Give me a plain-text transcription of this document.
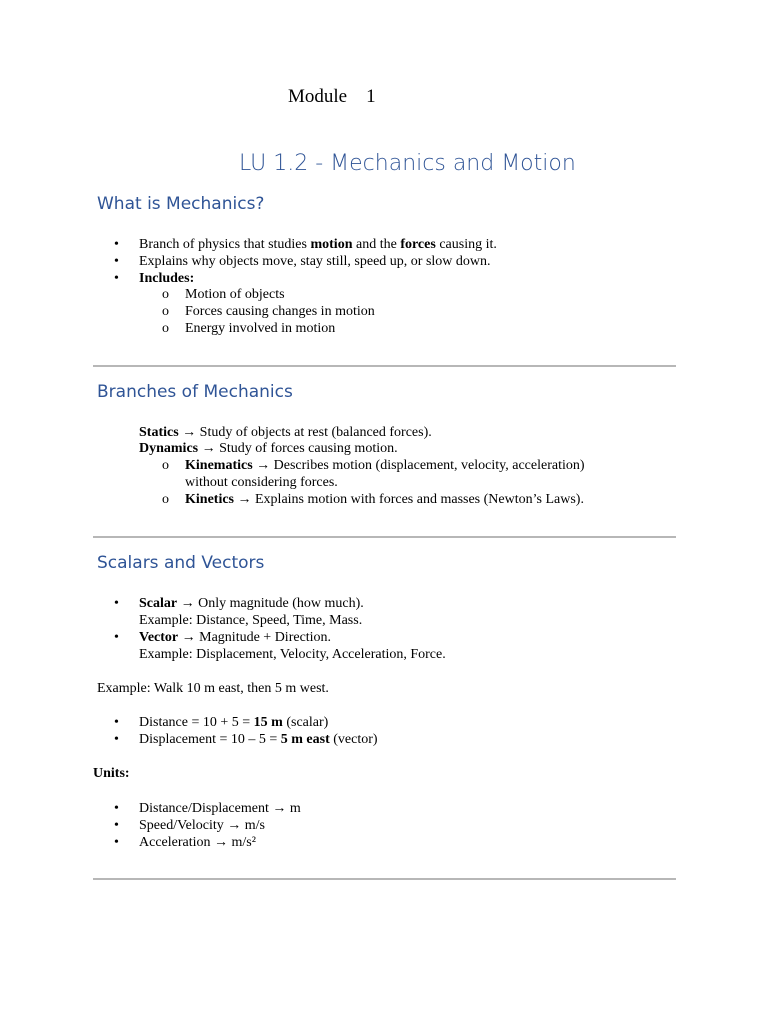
Module    1
LU 1.2 - Mechanics and Motion
What is Mechanics?
• Branch of physics that studies motion and the forces causing it.
• Explains why objects move, stay still, speed up, or slow down.
• Includes:
o Motion of objects
o Forces causing changes in motion
o Energy involved in motion
Branches of Mechanics
Statics → Study of objects at rest (balanced forces).
Dynamics → Study of forces causing motion.
o Kinematics → Describes motion (displacement, velocity, acceleration)
without considering forces.
o Kinetics → Explains motion with forces and masses (Newton’s Laws).
Scalars and Vectors
• Scalar → Only magnitude (how much).
Example: Distance, Speed, Time, Mass.
• Vector → Magnitude + Direction.
Example: Displacement, Velocity, Acceleration, Force.
Example: Walk 10 m east, then 5 m west.
• Distance = 10 + 5 = 15 m (scalar)
• Displacement = 10 – 5 = 5 m east (vector)
Units:
• Distance/Displacement → m
• Speed/Velocity → m/s
• Acceleration → m/s²
